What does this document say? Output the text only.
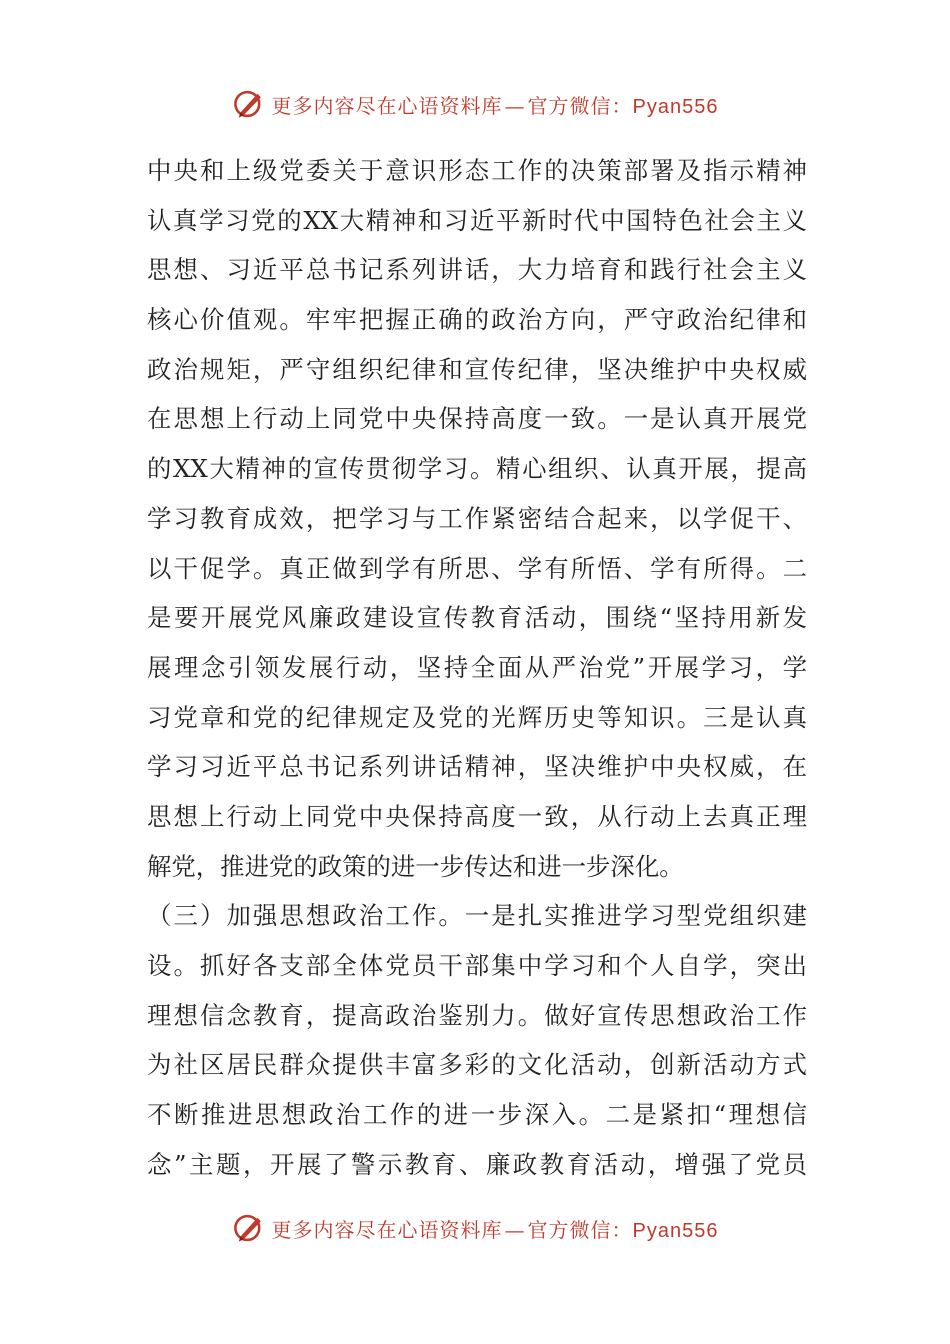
更多内容尽在心语资料库 — 官方微信：Pyan556
中央和上级党委关于意识形态工作的决策部署及指示精神
认真学习党的XX大精神和习近平新时代中国特色社会主义
思想、习近平总书记系列讲话，大力培育和践行社会主义
核心价值观。牢牢把握正确的政治方向，严守政治纪律和
政治规矩，严守组织纪律和宣传纪律，坚决维护中央权威
在思想上行动上同党中央保持高度一致。一是认真开展党
的XX大精神的宣传贯彻学习。精心组织、认真开展，提高
学习教育成效，把学习与工作紧密结合起来，以学促干、
以干促学。真正做到学有所思、学有所悟、学有所得。二
是要开展党风廉政建设宣传教育活动，围绕“坚持用新发
展理念引领发展行动，坚持全面从严治党”开展学习，学
习党章和党的纪律规定及党的光辉历史等知识。三是认真
学习习近平总书记系列讲话精神，坚决维护中央权威，在
思想上行动上同党中央保持高度一致，从行动上去真正理
解党，推进党的政策的进一步传达和进一步深化。
（三）加强思想政治工作。一是扎实推进学习型党组织建
设。抓好各支部全体党员干部集中学习和个人自学，突出
理想信念教育，提高政治鉴别力。做好宣传思想政治工作
为社区居民群众提供丰富多彩的文化活动，创新活动方式
不断推进思想政治工作的进一步深入。二是紧扣“理想信
念”主题，开展了警示教育、廉政教育活动，增强了党员
更多内容尽在心语资料库 — 官方微信：Pyan556
